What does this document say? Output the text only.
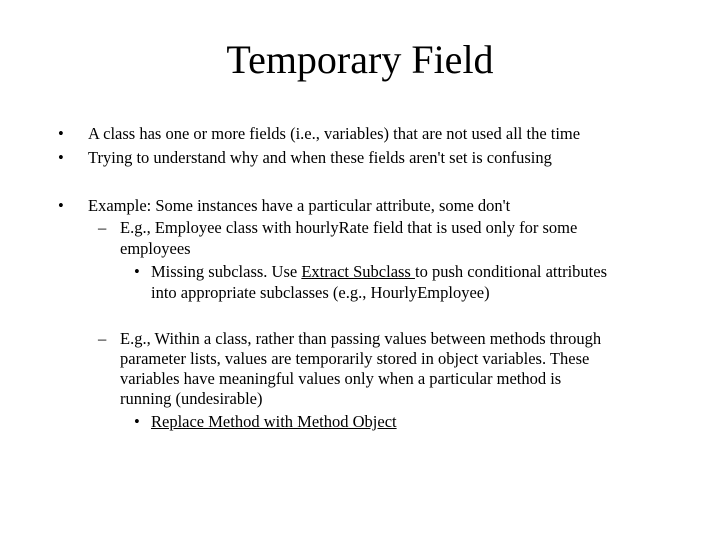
Temporary Field
• A class has one or more fields (i.e., variables) that are not used all the time
• Trying to understand why and when these fields aren't set is confusing
• Example: Some instances have a particular attribute, some don't
– E.g., Employee class with hourlyRate field that is used only for some
employees
• Missing subclass. Use Extract Subclass to push conditional attributes
into appropriate subclasses (e.g., HourlyEmployee)
– E.g., Within a class, rather than passing values between methods through
parameter lists, values are temporarily stored in object variables. These
variables have meaningful values only when a particular method is
running (undesirable)
• Replace Method with Method Object
